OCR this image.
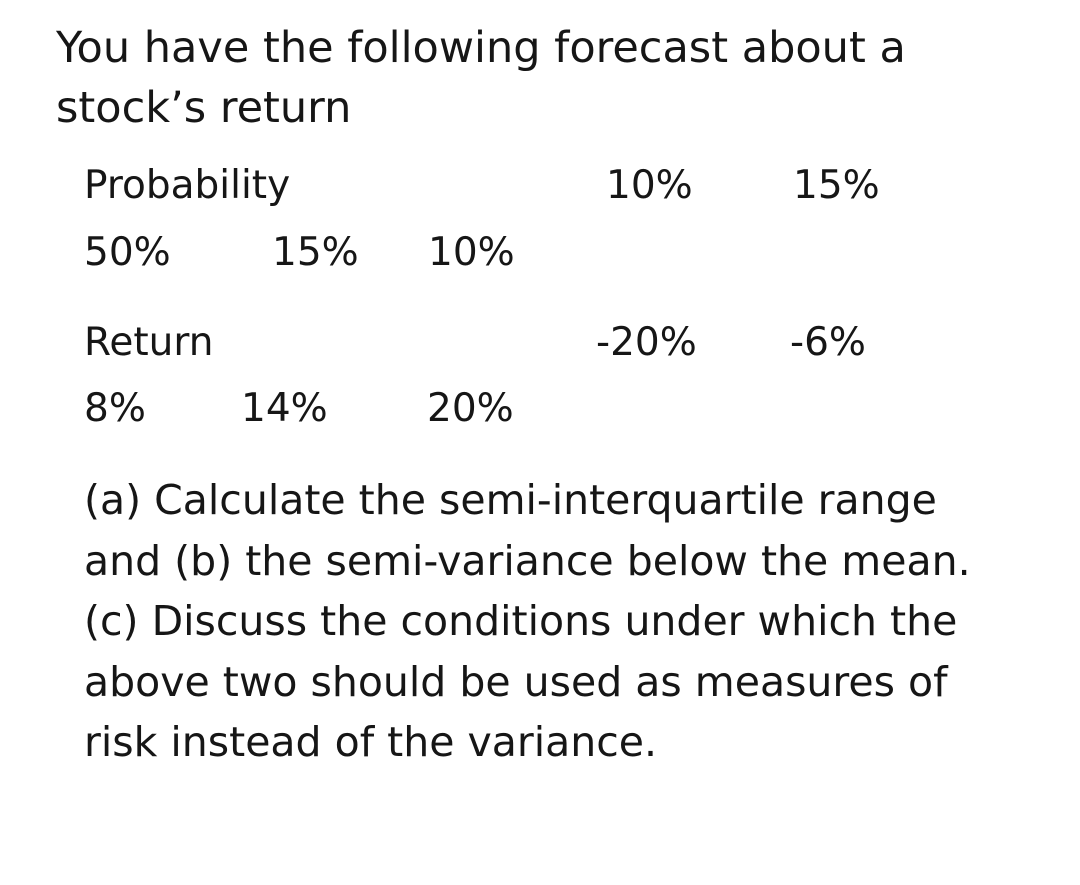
You have the following forecast about a stock’s return

Probability	10%	15%
50%	15% 10%
Return	-20% -6%
8% 14%	20%

(a) Calculate the semi-interquartile range and (b) the semi-variance below the mean. (c) Discuss the conditions under which the above two should be used as measures of risk instead of the variance.
